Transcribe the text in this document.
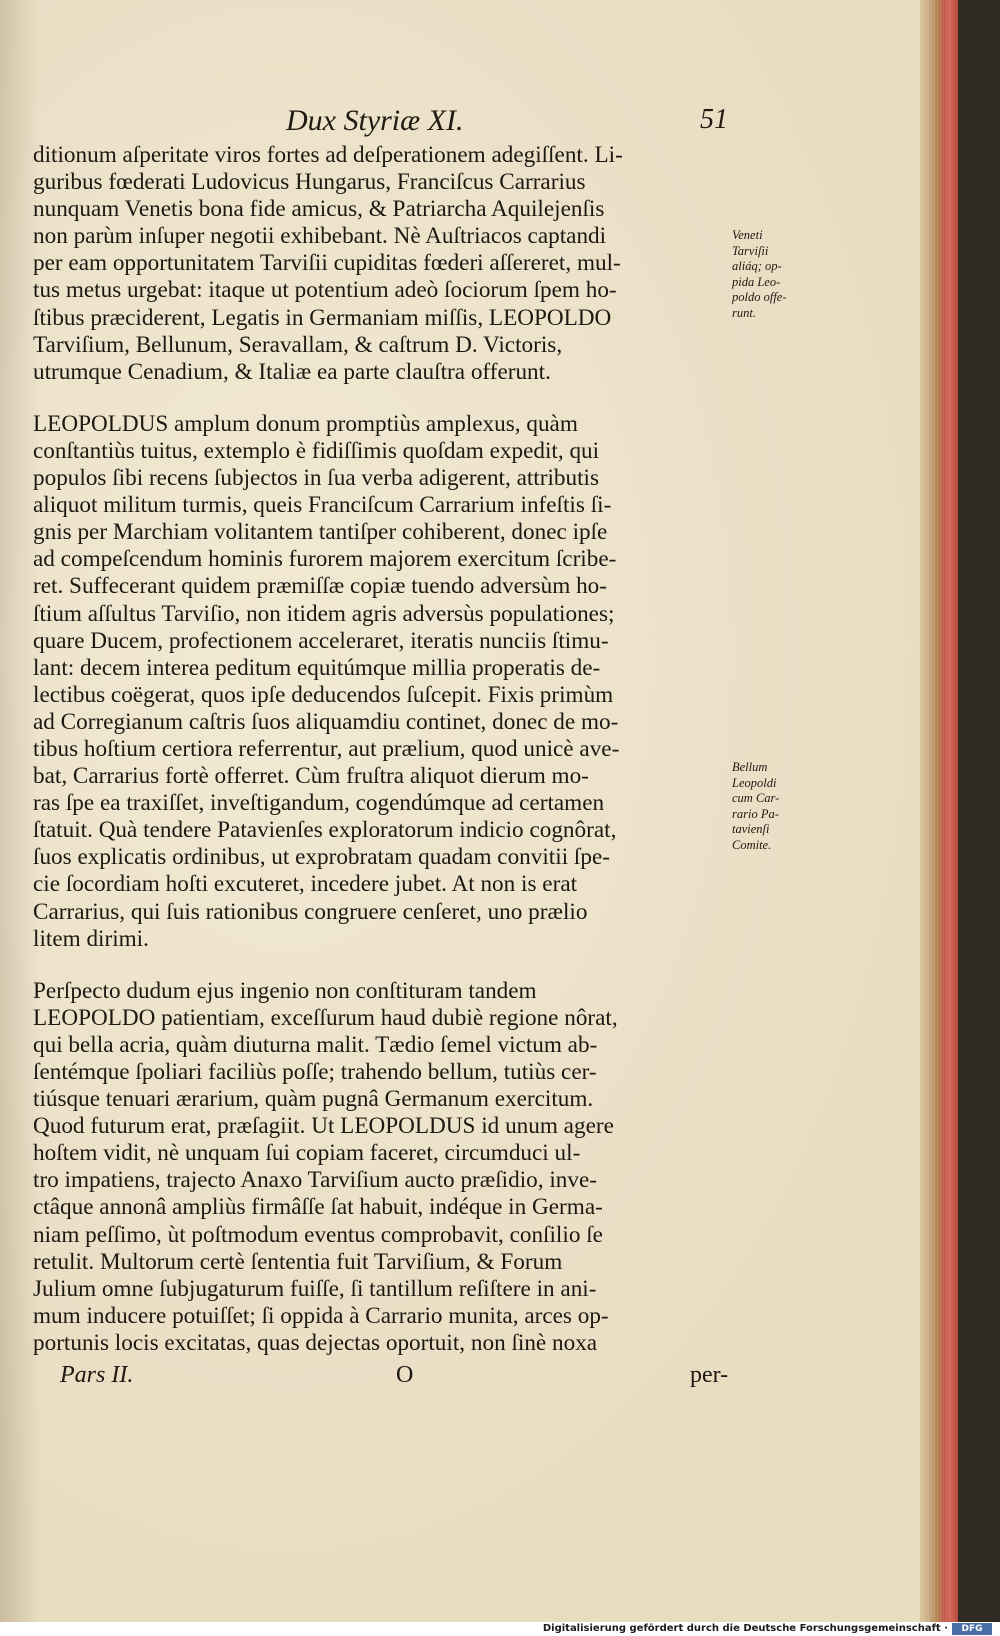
Dux Styriæ XI.	51

ditionum aſperitate viros fortes ad deſperationem adegiſſent. Li-
guribus fœderati Ludovicus Hungarus, Franciſcus Carrarius
nunquam Venetis bona fide amicus, & Patriarcha Aquilejenſis
non parùm inſuper negotii exhibebant. Nè Auſtriacos captandi
per eam opportunitatem Tarviſii cupiditas fœderi aſſereret, mul-
tus metus urgebat: itaque ut potentium adeò ſociorum ſpem ho-
ſtibus præciderent, Legatis in Germaniam miſſis, LEOPOLDO
Tarviſium, Bellunum, Seravallam, & caſtrum D. Victoris,
utrumque Cenadium, & Italiæ ea parte clauſtra offerunt.

LEOPOLDUS amplum donum promptiùs amplexus, quàm
conſtantiùs tuitus, extemplo è fidiſſimis quoſdam expedit, qui
populos ſibi recens ſubjectos in ſua verba adigerent, attributis
aliquot militum turmis, queis Franciſcum Carrarium infeſtis ſi-
gnis per Marchiam volitantem tantiſper cohiberent, donec ipſe
ad compeſcendum hominis furorem majorem exercitum ſcribe-
ret. Suffecerant quidem præmiſſæ copiæ tuendo adversùm ho-
ſtium aſſultus Tarviſio, non itidem agris adversùs populationes;
quare Ducem, profectionem acceleraret, iteratis nunciis ſtimu-
lant: decem interea peditum equitúmque millia properatis de-
lectibus coëgerat, quos ipſe deducendos ſuſcepit. Fixis primùm
ad Corregianum caſtris ſuos aliquamdiu continet, donec de mo-
tibus hoſtium certiora referrentur, aut prælium, quod unicè ave-
bat, Carrarius fortè offerret. Cùm fruſtra aliquot dierum mo-
ras ſpe ea traxiſſet, inveſtigandum, cogendúmque ad certamen
ſtatuit. Quà tendere Patavienſes exploratorum indicio cognôrat,
ſuos explicatis ordinibus, ut exprobratam quadam convitii ſpe-
cie ſocordiam hoſti excuteret, incedere jubet. At non is erat
Carrarius, qui ſuis rationibus congruere cenſeret, uno prælio
litem dirimi.

Perſpecto dudum ejus ingenio non conſtituram tandem
LEOPOLDO patientiam, exceſſurum haud dubiè regione nôrat,
qui bella acria, quàm diuturna malit. Tædio ſemel victum ab-
ſentémque ſpoliari faciliùs poſſe; trahendo bellum, tutiùs cer-
tiúsque tenuari ærarium, quàm pugnâ Germanum exercitum.
Quod futurum erat, præſagiit. Ut LEOPOLDUS id unum agere
hoſtem vidit, nè unquam ſui copiam faceret, circumduci ul-
tro impatiens, trajecto Anaxo Tarviſium aucto præſidio, inve-
ctâque annonâ ampliùs firmâſſe ſat habuit, indéque in Germa-
niam peſſimo, ùt poſtmodum eventus comprobavit, conſilio ſe
retulit. Multorum certè ſententia fuit Tarviſium, & Forum
Julium omne ſubjugaturum fuiſſe, ſi tantillum reſiſtere in ani-
mum inducere potuiſſet; ſi oppida à Carrario munita, arces op-
portunis locis excitatas, quas dejectas oportuit, non ſinè noxa

Veneti
Tarviſii
aliáq; op-
pida Leo-
poldo offe-
runt.
Bellum
Leopoldi
cum Car-
rario Pa-
tavienſi
Comite.
Pars II.	O	per-
Digitalisierung gefördert durch die Deutsche Forschungsgemeinschaft ·	DFG
